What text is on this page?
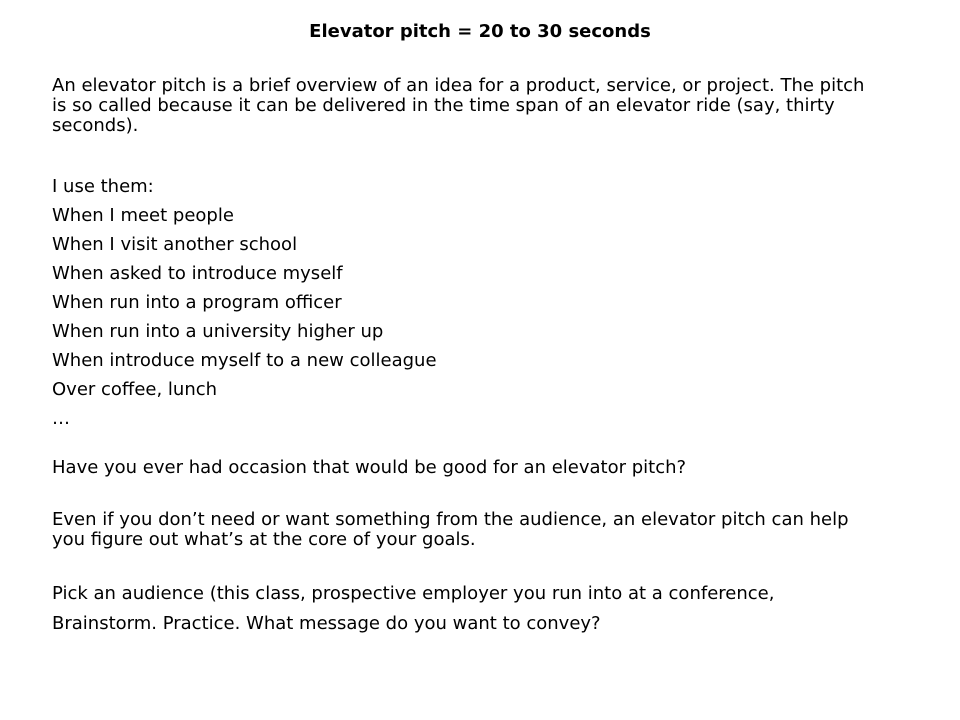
Elevator pitch = 20 to 30 seconds

An elevator pitch is a brief overview of an idea for a product, service, or project. The pitch is so called because it can be delivered in the time span of an elevator ride (say, thirty seconds).

I use them:

When I meet people

When I visit another school

When asked to introduce myself

When run into a program officer

When run into a university higher up

When introduce myself to a new colleague

Over coffee, lunch

…

Have you ever had occasion that would be good for an elevator pitch?

Even if you don’t need or want something from the audience, an elevator pitch can help you figure out what’s at the core of your goals.

Pick an audience (this class, prospective employer you run into at a conference,

Brainstorm. Practice. What message do you want to convey?
